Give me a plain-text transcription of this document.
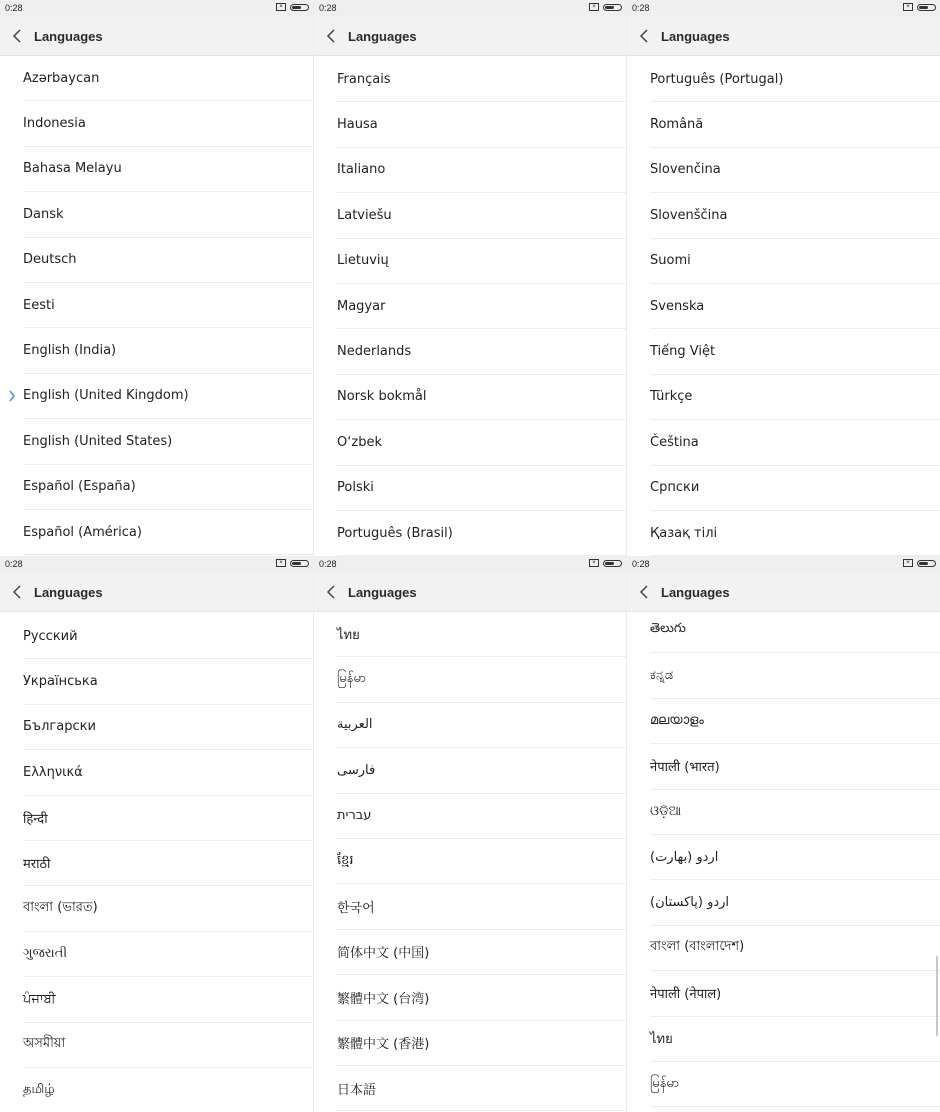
0:28	×
Languages
Azərbaycan
Indonesia
Bahasa Melayu
Dansk
Deutsch
Eesti
English (India)
English (United Kingdom)
English (United States)
Español (España)
Español (América)
0:28	×
Languages
Français
Hausa
Italiano
Latviešu
Lietuvių
Magyar
Nederlands
Norsk bokmål
O‘zbek
Polski
Português (Brasil)
0:28	×
Languages
Português (Portugal)
Română
Slovenčina
Slovenščina
Suomi
Svenska
Tiếng Việt
Türkçe
Čeština
Српски
Қазақ тілі
0:28	×
Languages
Русский
Українська
Български
Ελληνικά
हिन्दी
मराठी
বাংলা (ভারত)
ગુજરાતી
ਪੰਜਾਬੀ
অসমীয়া
தமிழ்
0:28	×
Languages
ไทย
မြန်မာ
العربية
فارسی
עברית
ខ្មែរ
한국어
简体中文 (中国)
繁體中文 (台湾)
繁體中文 (香港)
日本語
0:28	×
Languages
తెలుగు
ಕನ್ನಡ
മലയാളം
नेपाली (भारत)
ଓଡ଼ିଆ
اردو (بھارت)
اردو (پاکستان)
বাংলা (বাংলাদেশ)
नेपाली (नेपाल)
ไทย
မြန်မာ
